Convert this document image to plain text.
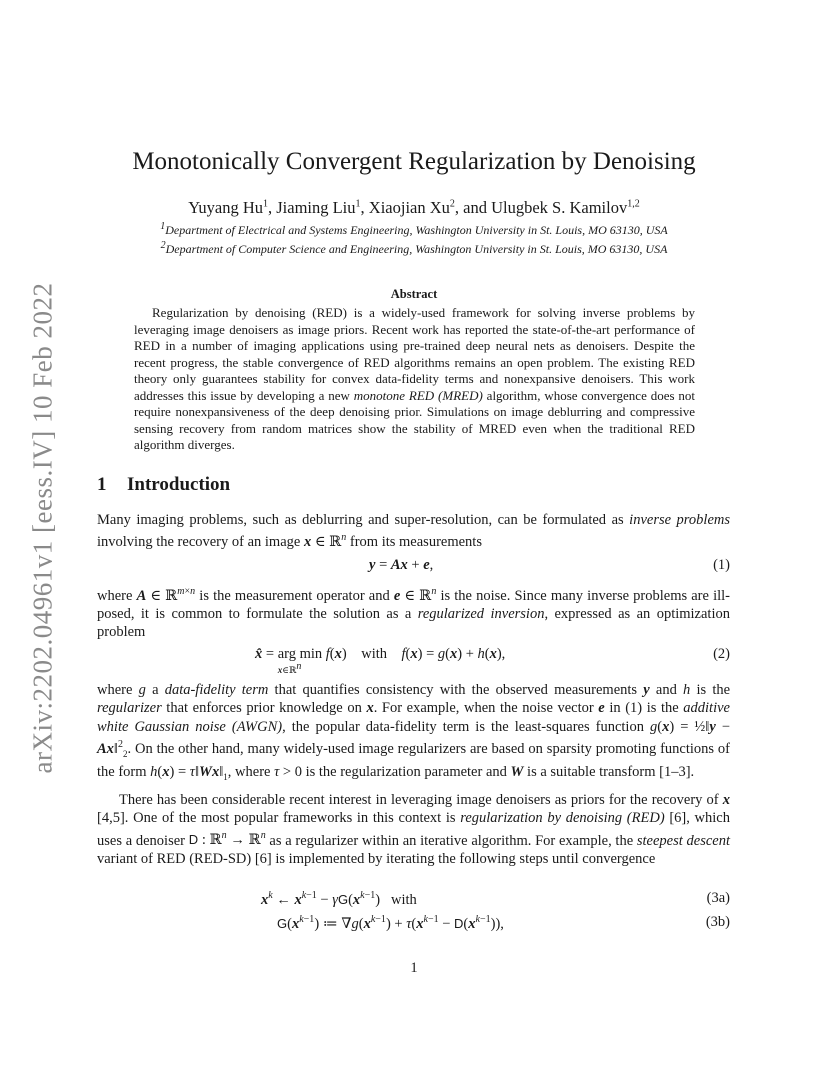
arXiv:2202.04961v1 [eess.IV] 10 Feb 2022
Monotonically Convergent Regularization by Denoising
Yuyang Hu$^1$, Jiaming Liu$^1$, Xiaojian Xu$^2$, and Ulugbek S. Kamilov$^{1,2}$
$^1$Department of Electrical and Systems Engineering, Washington University in St. Louis, MO 63130, USA
$^2$Department of Computer Science and Engineering, Washington University in St. Louis, MO 63130, USA
Abstract
Regularization by denoising (RED) is a widely-used framework for solving inverse problems by leveraging image denoisers as image priors. Recent work has reported the state-of-the-art performance of RED in a number of imaging applications using pre-trained deep neural nets as denoisers. Despite the recent progress, the stable convergence of RED algorithms remains an open problem. The existing RED theory only guarantees stability for convex data-fidelity terms and nonexpansive denoisers. This work addresses this issue by developing a new monotone RED (MRED) algorithm, whose convergence does not require nonexpansiveness of the deep denoising prior. Simulations on image deblurring and compressive sensing recovery from random matrices show the stability of MRED even when the traditional RED algorithm diverges.
1 Introduction
Many imaging problems, such as deblurring and super-resolution, can be formulated as inverse problems involving the recovery of an image x ∈ ℝ$^n$ from its measurements
y = Ax + e,	(1)
where A ∈ ℝ$^{m\times n}$ is the measurement operator and e ∈ ℝ$^n$ is the noise. Since many inverse problems are ill-posed, it is common to formulate the solution as a regularized inversion, expressed as an optimization problem
x̂ = arg min
x∈ℝ$^n$
f(x)    with f(x) = g(x) + h(x),	(2)
where g a data-fidelity term that quantifies consistency with the observed measurements y and h is the regularizer that enforces prior knowledge on x. For example, when the noise vector e in (1) is the additive white Gaussian noise (AWGN), the popular data-fidelity term is the least-squares function g(x) = ½‖y − Ax‖$^2_2$. On the other hand, many widely-used image regularizers are based on sparsity promoting functions of the form $h(x) = \tau‖Wx‖_1$, where τ > 0 is the regularization parameter and W is a suitable transform [1–3].
There has been considerable recent interest in leveraging image denoisers as priors for the recovery of x [4,5]. One of the most popular frameworks in this context is regularization by denoising (RED) [6], which uses a denoiser D : ℝ$^n$ → ℝ$^n$ as a regularizer within an iterative algorithm. For example, the steepest descent variant of RED (RED-SD) [6] is implemented by iterating the following steps until convergence
$x^k$ ← $x^{k-1} - \gamma G(x^{k-1})$   with	(3a)
$G(x^{k-1})$ ≔ $\nabla g(x^{k-1}) + \tau(x^{k-1} - D(x^{k-1}))$,	(3b)
1
